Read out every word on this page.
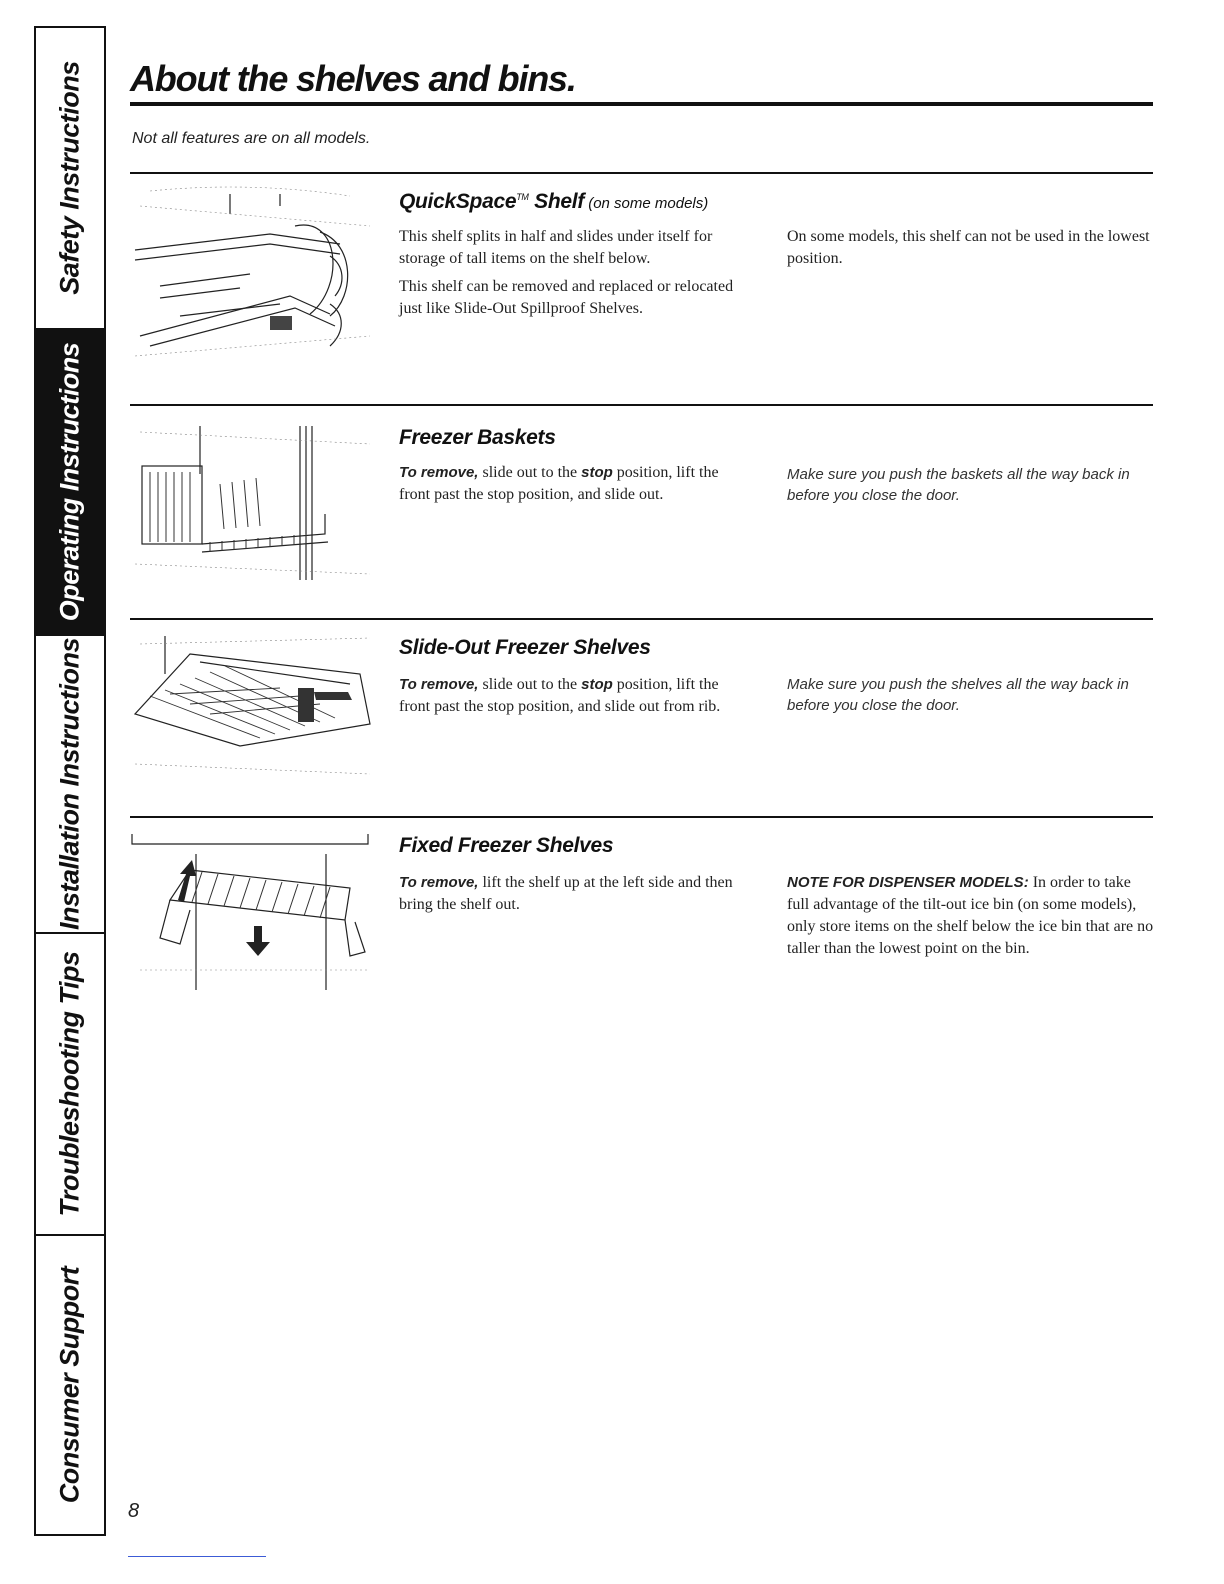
Safety Instructions
Operating Instructions
Installation Instructions
Troubleshooting Tips
Consumer Support
About the shelves and bins.
Not all features are on all models.
QuickSpace™ Shelf (on some models)

This shelf splits in half and slides under itself for storage of tall items on the shelf below.

This shelf can be removed and replaced or relocated just like Slide-Out Spillproof Shelves.

On some models, this shelf can not be used in the lowest position.

Freezer Baskets

To remove, slide out to the stop position, lift the front past the stop position, and slide out.

Make sure you push the baskets all the way back in before you close the door.
Slide-Out Freezer Shelves

To remove, slide out to the stop position, lift the front past the stop position, and slide out from rib.

Make sure you push the shelves all the way back in before you close the door.
Fixed Freezer Shelves

To remove, lift the shelf up at the left side and then bring the shelf out.

NOTE FOR DISPENSER MODELS: In order to take full advantage of the tilt-out ice bin (on some models), only store items on the shelf below the ice bin that are no taller than the lowest point on the bin.

8
